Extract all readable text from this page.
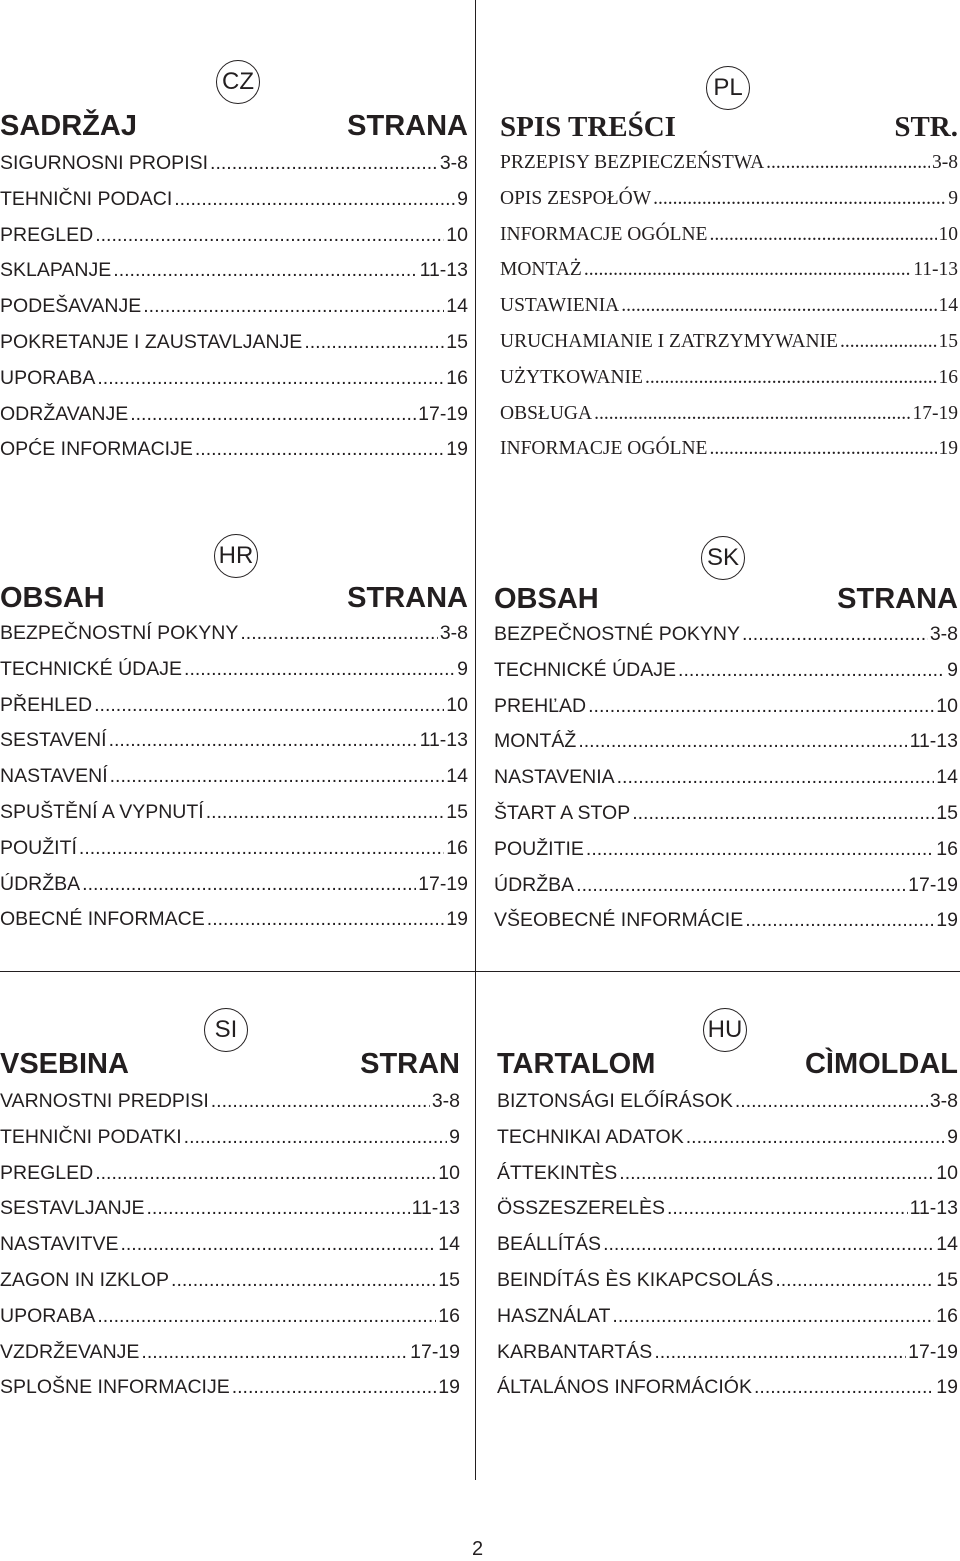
CZ
SADRŽAJ	STRANA
SIGURNOSNI PROPISI .....	3-8
TEHNIČNI PODACI .....	9
PREGLED .....	10
SKLAPANJE .....	11-13
PODEŠAVANJE .....	14
POKRETANJE I ZAUSTAVLJANJE .....	15
UPORABA .....	16
ODRŽAVANJE .....	17-19
OPĆE INFORMACIJE .....	19
PL
SPIS TREŚCI	STR.
PRZEPISY BEZPIECZEŃSTWA .....	3-8
OPIS ZESPOŁÓW .....	9
INFORMACJE OGÓLNE .....	10
MONTAŻ .....	11-13
USTAWIENIA .....	14
URUCHAMIANIE I ZATRZYMYWANIE .....	15
UŻYTKOWANIE .....	16
OBSŁUGA .....	17-19
INFORMACJE OGÓLNE .....	19
HR
OBSAH	STRANA
BEZPEČNOSTNÍ POKYNY .....	3-8
TECHNICKÉ ÚDAJE .....	9
PŘEHLED .....	10
SESTAVENÍ .....	11-13
NASTAVENÍ .....	14
SPUŠTĚNÍ A VYPNUTÍ .....	15
POUŽITÍ .....	16
ÚDRŽBA .....	17-19
OBECNÉ INFORMACE .....	19
SK
OBSAH	STRANA
BEZPEČNOSTNÉ POKYNY .....	3-8
TECHNICKÉ ÚDAJE .....	9
PREHĽAD .....	10
MONTÁŽ .....	11-13
NASTAVENIA .....	14
ŠTART A STOP .....	15
POUŽITIE .....	16
ÚDRŽBA .....	17-19
VŠEOBECNÉ INFORMÁCIE .....	19
SI
VSEBINA	STRAN
VARNOSTNI PREDPISI .....	3-8
TEHNIČNI PODATKI .....	9
PREGLED .....	10
SESTAVLJANJE .....	11-13
NASTAVITVE .....	14
ZAGON IN IZKLOP .....	15
UPORABA .....	16
VZDRŽEVANJE .....	17-19
SPLOŠNE INFORMACIJE .....	19
HU
TARTALOM	CÌMOLDAL
BIZTONSÁGI ELŐÍRÁSOK .....	3-8
TECHNIKAI ADATOK .....	9
ÁTTEKINTÈS .....	10
ÖSSZESZERELÈS .....	11-13
BEÁLLÍTÁS .....	14
BEINDÍTÁS ÈS KIKAPCSOLÁS .....	15
HASZNÁLAT .....	16
KARBANTARTÁS .....	17-19
ÁLTALÁNOS INFORMÁCIÓK .....	19
2
